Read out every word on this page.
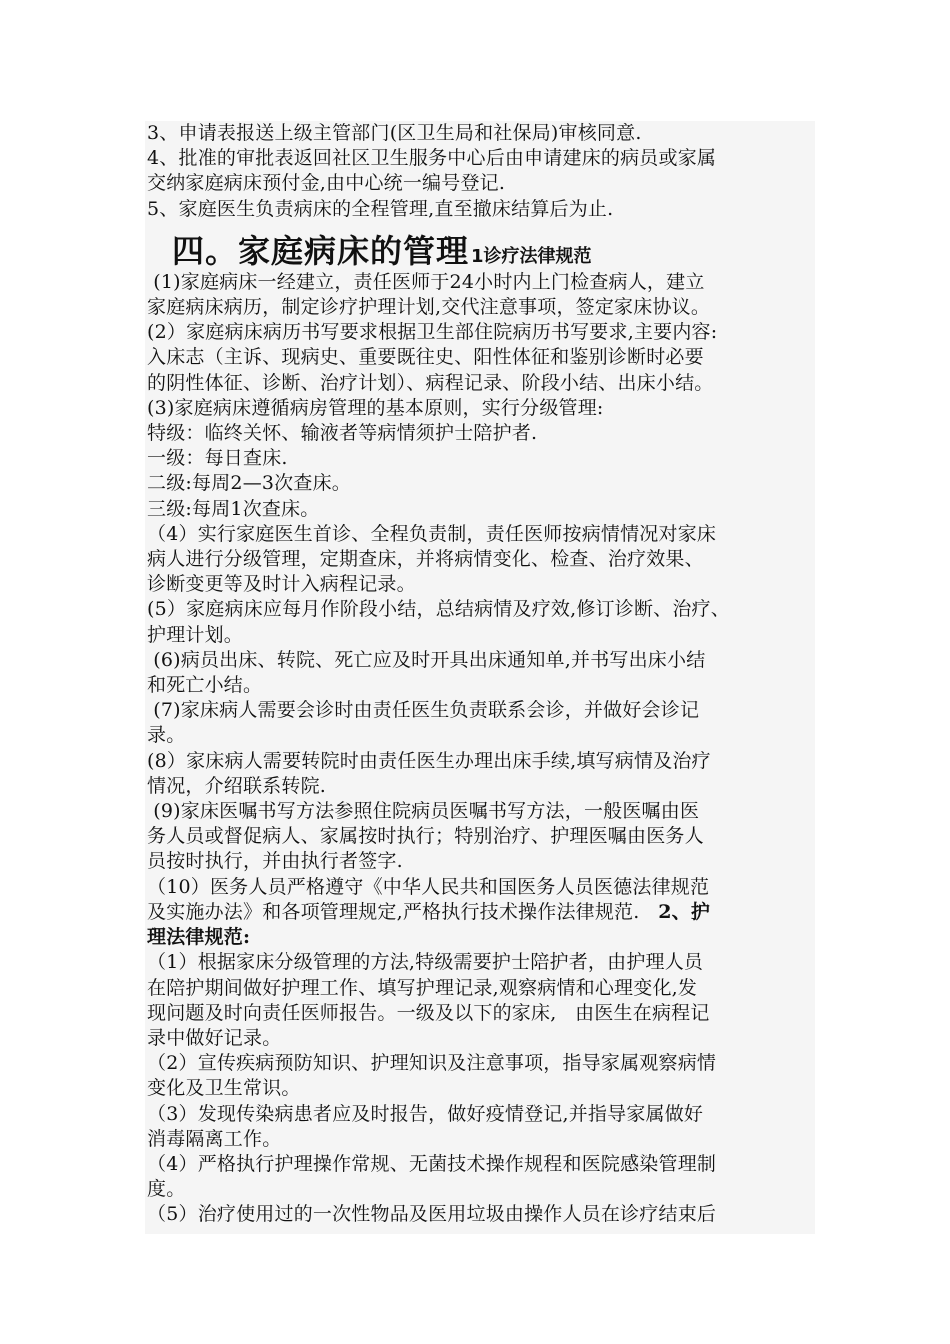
3、申请表报送上级主管部门(区卫生局和社保局)审核同意.
4、批准的审批表返回社区卫生服务中心后由申请建床的病员或家属
交纳家庭病床预付金,由中心统一编号登记.
5、家庭医生负责病床的全程管理,直至撤床结算后为止.
四。家庭病床的管理 1诊疗法律规范
(1)家庭病床一经建立，责任医师于24小时内上门检查病人，建立
家庭病床病历，制定诊疗护理计划,交代注意事项，签定家床协议。
(2）家庭病床病历书写要求根据卫生部住院病历书写要求,主要内容:
入床志（主诉、现病史、重要既往史、阳性体征和鉴别诊断时必要
的阴性体征、诊断、治疗计划）、病程记录、阶段小结、出床小结。
(3)家庭病床遵循病房管理的基本原则，实行分级管理:
特级：临终关怀、输液者等病情须护士陪护者.
一级：每日查床.
二级:每周2—3次查床。
三级:每周1次查床。
（4）实行家庭医生首诊、全程负责制，责任医师按病情情况对家床
病人进行分级管理，定期查床，并将病情变化、检查、治疗效果、
诊断变更等及时计入病程记录。
(5）家庭病床应每月作阶段小结，总结病情及疗效,修订诊断、治疗、
护理计划。
(6)病员出床、转院、死亡应及时开具出床通知单,并书写出床小结
和死亡小结。
(7)家床病人需要会诊时由责任医生负责联系会诊，并做好会诊记
录。
(8）家床病人需要转院时由责任医生办理出床手续,填写病情及治疗
情况，介绍联系转院.
(9)家床医嘱书写方法参照住院病员医嘱书写方法，一般医嘱由医
务人员或督促病人、家属按时执行；特别治疗、护理医嘱由医务人
员按时执行，并由执行者签字.
（10）医务人员严格遵守《中华人民共和国医务人员医德法律规范
及实施办法》和各项管理规定,严格执行技术操作法律规范.   2、护
理法律规范:
（1）根据家床分级管理的方法,特级需要护士陪护者，由护理人员
在陪护期间做好护理工作、填写护理记录,观察病情和心理变化,发
现问题及时向责任医师报告。一级及以下的家床,   由医生在病程记
录中做好记录。
（2）宣传疾病预防知识、护理知识及注意事项，指导家属观察病情
变化及卫生常识。
（3）发现传染病患者应及时报告，做好疫情登记,并指导家属做好
消毒隔离工作。
（4）严格执行护理操作常规、无菌技术操作规程和医院感染管理制
度。
（5）治疗使用过的一次性物品及医用垃圾由操作人员在诊疗结束后
